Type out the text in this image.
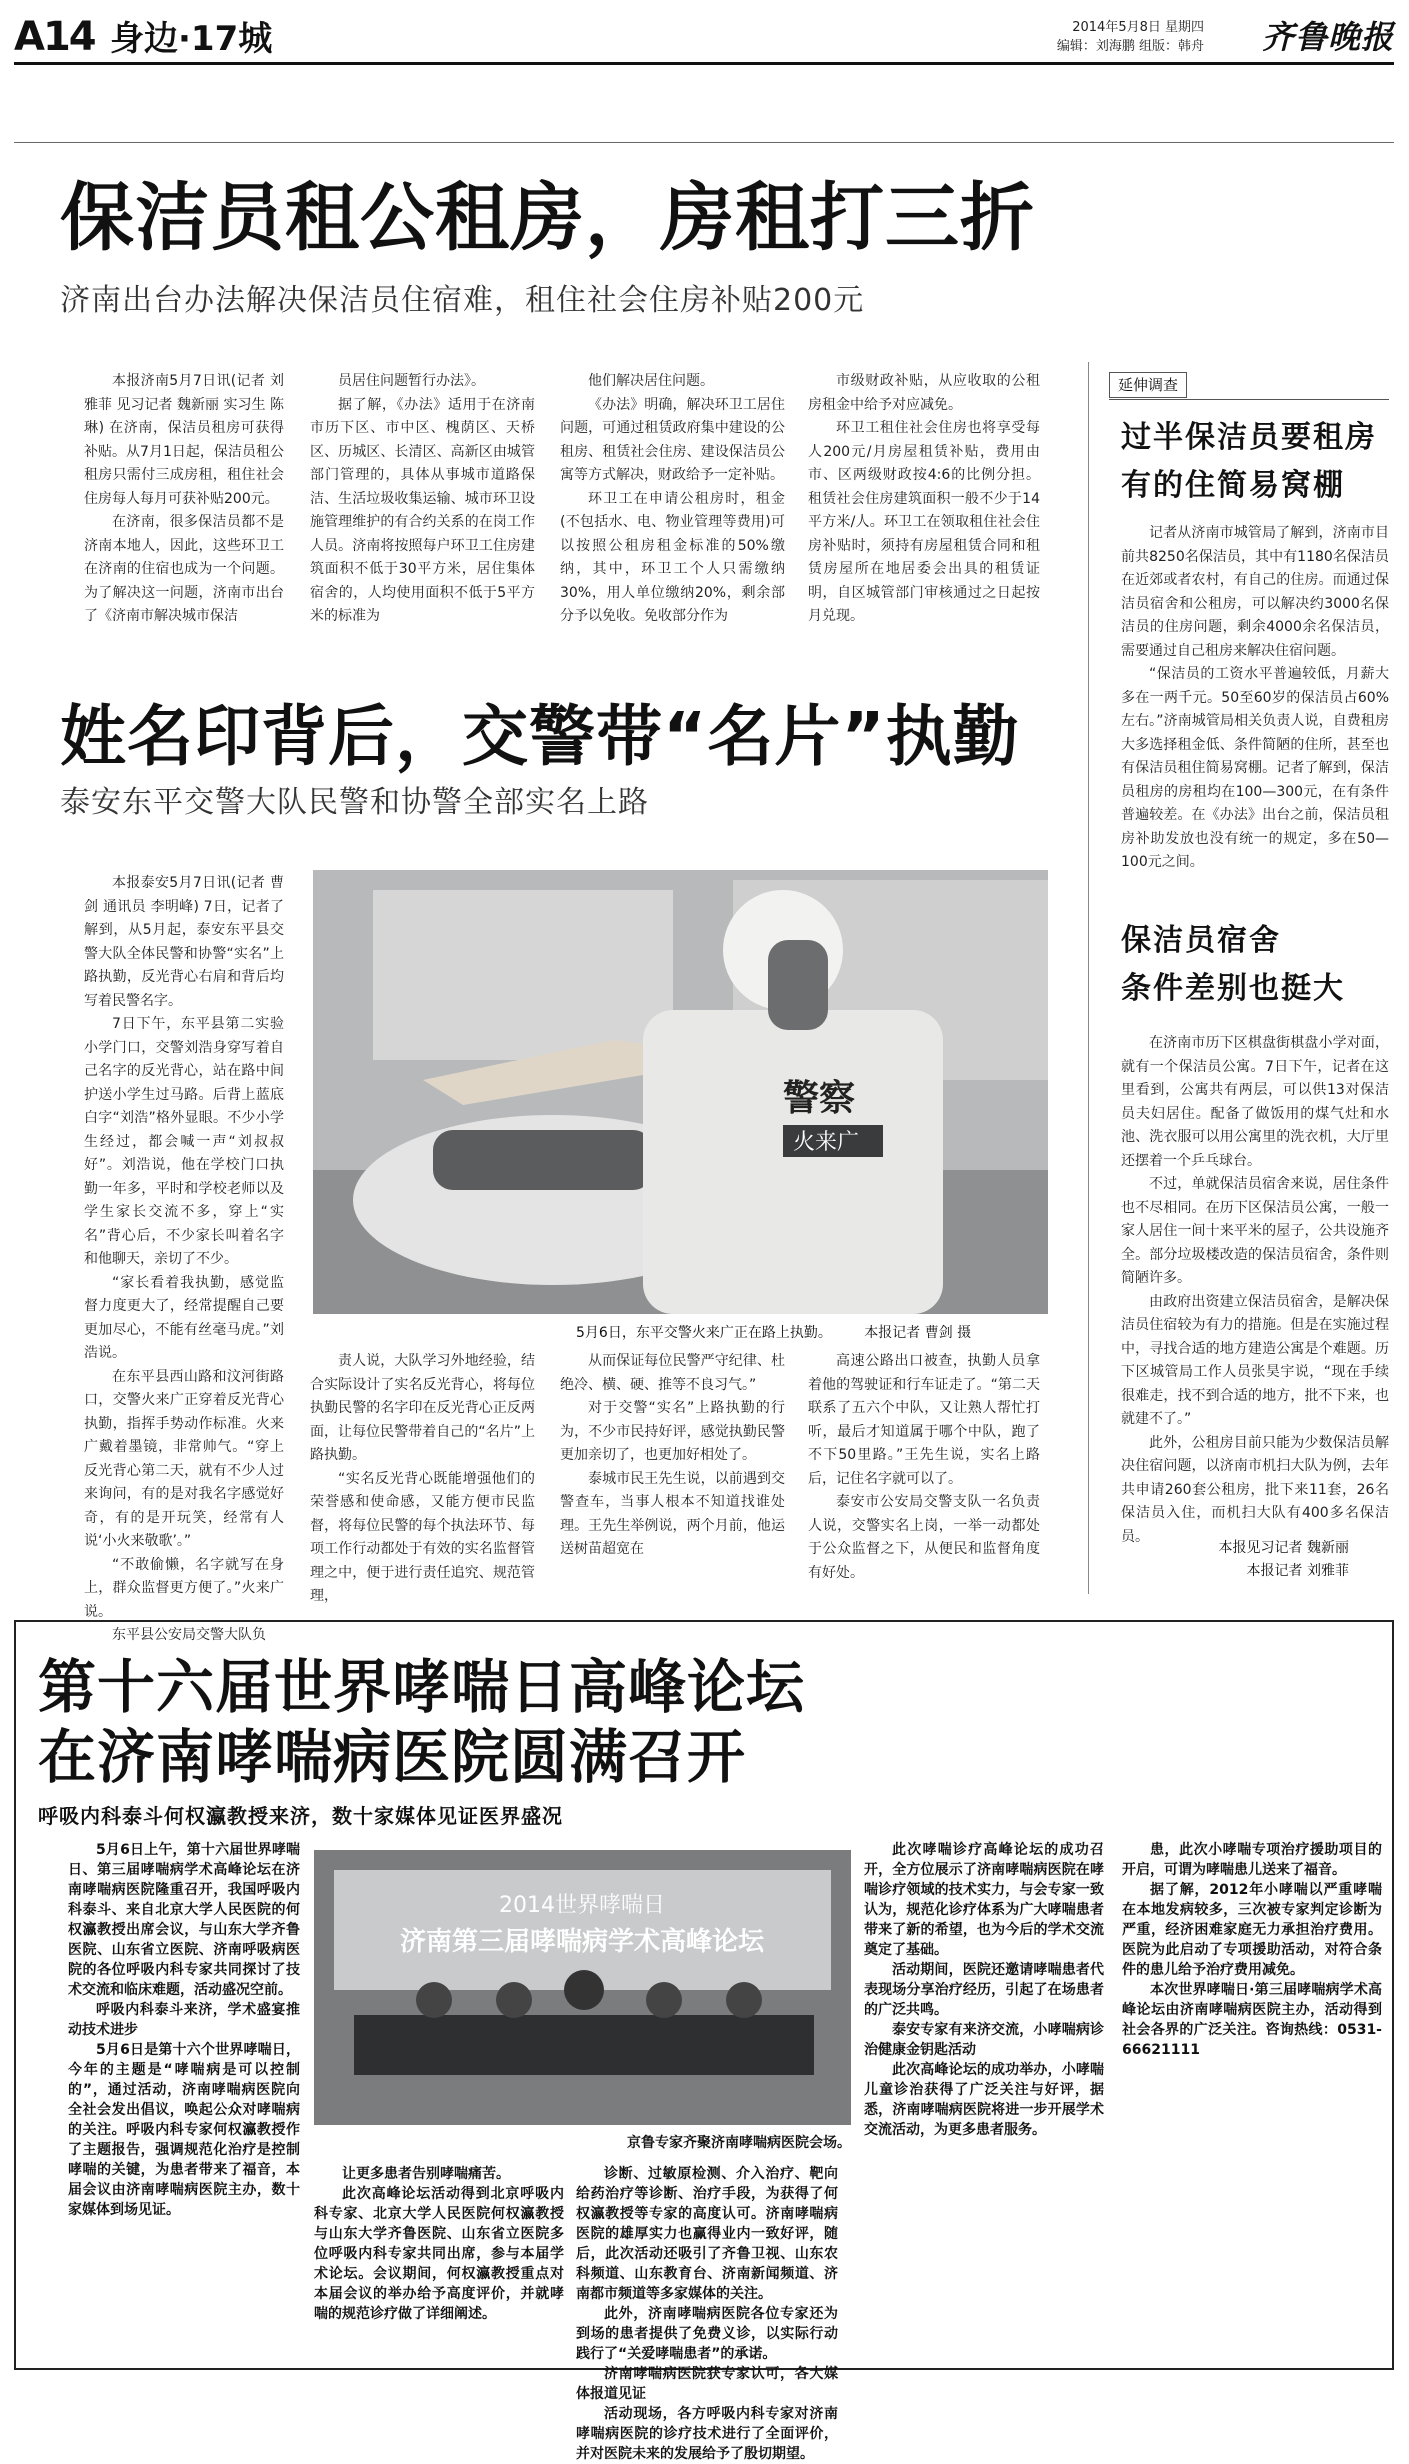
A14 身边·17城	2014年5月8日 星期四
编辑：刘海鹏 组版：韩舟 齐鲁晚报
保洁员租公租房，房租打三折
济南出台办法解决保洁员住宿难，租住社会住房补贴200元

本报济南5月7日讯(记者 刘雅菲 见习记者 魏新丽 实习生 陈琳) 在济南，保洁员租房可获得补贴。从7月1日起，保洁员租公租房只需付三成房租，租住社会住房每人每月可获补贴200元。

在济南，很多保洁员都不是济南本地人，因此，这些环卫工在济南的住宿也成为一个问题。为了解决这一问题，济南市出台了《济南市解决城市保洁

员居住问题暂行办法》。

据了解，《办法》适用于在济南市历下区、市中区、槐荫区、天桥区、历城区、长清区、高新区由城管部门管理的，具体从事城市道路保洁、生活垃圾收集运输、城市环卫设施管理维护的有合约关系的在岗工作人员。济南将按照每户环卫工住房建筑面积不低于30平方米，居住集体宿舍的，人均使用面积不低于5平方米的标准为

他们解决居住问题。

《办法》明确，解决环卫工居住问题，可通过租赁政府集中建设的公租房、租赁社会住房、建设保洁员公寓等方式解决，财政给予一定补贴。

环卫工在申请公租房时，租金(不包括水、电、物业管理等费用)可以按照公租房租金标准的50%缴纳，其中，环卫工个人只需缴纳30%，用人单位缴纳20%，剩余部分予以免收。免收部分作为

市级财政补贴，从应收取的公租房租金中给予对应减免。

环卫工租住社会住房也将享受每人200元/月房屋租赁补贴，费用由市、区两级财政按4:6的比例分担。租赁社会住房建筑面积一般不少于14平方米/人。环卫工在领取租住社会住房补贴时，须持有房屋租赁合同和租赁房屋所在地居委会出具的租赁证明，自区城管部门审核通过之日起按月兑现。

延伸调查
过半保洁员要租房
有的住简易窝棚

记者从济南市城管局了解到，济南市目前共8250名保洁员，其中有1180名保洁员在近郊或者农村，有自己的住房。而通过保洁员宿舍和公租房，可以解决约3000名保洁员的住房问题，剩余4000余名保洁员，需要通过自己租房来解决住宿问题。

“保洁员的工资水平普遍较低，月薪大多在一两千元。50至60岁的保洁员占60%左右。”济南城管局相关负责人说，自费租房大多选择租金低、条件简陋的住所，甚至也有保洁员租住简易窝棚。记者了解到，保洁员租房的房租均在100—300元，在有条件普遍较差。在《办法》出台之前，保洁员租房补助发放也没有统一的规定，多在50—100元之间。

保洁员宿舍
条件差别也挺大

在济南市历下区棋盘街棋盘小学对面，就有一个保洁员公寓。7日下午，记者在这里看到，公寓共有两层，可以供13对保洁员夫妇居住。配备了做饭用的煤气灶和水池、洗衣服可以用公寓里的洗衣机，大厅里还摆着一个乒乓球台。

不过，单就保洁员宿舍来说，居住条件也不尽相同。在历下区保洁员公寓，一般一家人居住一间十来平米的屋子，公共设施齐全。部分垃圾楼改造的保洁员宿舍，条件则简陋许多。

由政府出资建立保洁员宿舍，是解决保洁员住宿较为有力的措施。但是在实施过程中，寻找合适的地方建造公寓是个难题。历下区城管局工作人员张昊宇说，“现在手续很难走，找不到合适的地方，批不下来，也就建不了。”

此外，公租房目前只能为少数保洁员解决住宿问题，以济南市机扫大队为例，去年共申请260套公租房，批下来11套，26名保洁员入住，而机扫大队有400多名保洁员。

本报见习记者 魏新丽
本报记者 刘雅菲
姓名印背后，交警带“名片”执勤
泰安东平交警大队民警和协警全部实名上路

本报泰安5月7日讯(记者 曹剑 通讯员 李明峰) 7日，记者了解到，从5月起，泰安东平县交警大队全体民警和协警“实名”上路执勤，反光背心右肩和背后均写着民警名字。

7日下午，东平县第二实验小学门口，交警刘浩身穿写着自己名字的反光背心，站在路中间护送小学生过马路。后背上蓝底白字“刘浩”格外显眼。不少小学生经过，都会喊一声“刘叔叔好”。刘浩说，他在学校门口执勤一年多，平时和学校老师以及学生家长交流不多，穿上“实名”背心后，不少家长叫着名字和他聊天，亲切了不少。

“家长看着我执勤，感觉监督力度更大了，经常提醒自己要更加尽心，不能有丝毫马虎。”刘浩说。

在东平县西山路和汶河街路口，交警火来广正穿着反光背心执勤，指挥手势动作标准。火来广戴着墨镜，非常帅气。“穿上反光背心第二天，就有不少人过来询问，有的是对我名字感觉好奇，有的是开玩笑，经常有人说‘小火来敬歌’。”

“不敢偷懒，名字就写在身上，群众监督更方便了。”火来广说。

东平县公安局交警大队负

警察
火来广
5月6日，东平交警火来广正在路上执勤。 本报记者 曹剑 摄

责人说，大队学习外地经验，结合实际设计了实名反光背心，将每位执勤民警的名字印在反光背心正反两面，让每位民警带着自己的“名片”上路执勤。

“实名反光背心既能增强他们的荣誉感和使命感，又能方便市民监督，将每位民警的每个执法环节、每项工作行动都处于有效的实名监督管理之中，便于进行责任追究、规范管理，

从而保证每位民警严守纪律、杜绝冷、横、硬、推等不良习气。”

对于交警“实名”上路执勤的行为，不少市民持好评，感觉执勤民警更加亲切了，也更加好相处了。

泰城市民王先生说，以前遇到交警查车，当事人根本不知道找谁处理。王先生举例说，两个月前，他运送树苗超宽在

高速公路出口被查，执勤人员拿着他的驾驶证和行车证走了。“第二天联系了五六个中队，又让熟人帮忙打听，最后才知道属于哪个中队，跑了不下50里路。”王先生说，实名上路后，记住名字就可以了。

泰安市公安局交警支队一名负责人说，交警实名上岗，一举一动都处于公众监督之下，从便民和监督角度有好处。

第十六届世界哮喘日高峰论坛
在济南哮喘病医院圆满召开
呼吸内科泰斗何权瀛教授来济，数十家媒体见证医界盛况

5月6日上午，第十六届世界哮喘日、第三届哮喘病学术高峰论坛在济南哮喘病医院隆重召开，我国呼吸内科泰斗、来自北京大学人民医院的何权瀛教授出席会议，与山东大学齐鲁医院、山东省立医院、济南呼吸病医院的各位呼吸内科专家共同探讨了技术交流和临床难题，活动盛况空前。

呼吸内科泰斗来济，学术盛宴推动技术进步

5月6日是第十六个世界哮喘日，今年的主题是“哮喘病是可以控制的”，通过活动，济南哮喘病医院向全社会发出倡议，唤起公众对哮喘病的关注。呼吸内科专家何权瀛教授作了主题报告，强调规范化治疗是控制哮喘的关键，为患者带来了福音，本届会议由济南哮喘病医院主办，数十家媒体到场见证。

2014世界哮喘日
济南第三届哮喘病学术高峰论坛
京鲁专家齐聚济南哮喘病医院会场。

让更多患者告别哮喘痛苦。

此次高峰论坛活动得到北京呼吸内科专家、北京大学人民医院何权瀛教授与山东大学齐鲁医院、山东省立医院多位呼吸内科专家共同出席，参与本届学术论坛。会议期间，何权瀛教授重点对本届会议的举办给予高度评价，并就哮喘的规范诊疗做了详细阐述。

诊断、过敏原检测、介入治疗、靶向给药治疗等诊断、治疗手段，为获得了何权瀛教授等专家的高度认可。济南哮喘病医院的雄厚实力也赢得业内一致好评，随后，此次活动还吸引了齐鲁卫视、山东农科频道、山东教育台、济南新闻频道、济南都市频道等多家媒体的关注。

此外，济南哮喘病医院各位专家还为到场的患者提供了免费义诊，以实际行动践行了“关爱哮喘患者”的承诺。

济南哮喘病医院获专家认可，各大媒体报道见证

活动现场，各方呼吸内科专家对济南哮喘病医院的诊疗技术进行了全面评价，并对医院未来的发展给予了殷切期望。

此次哮喘诊疗高峰论坛的成功召开，全方位展示了济南哮喘病医院在哮喘诊疗领域的技术实力，与会专家一致认为，规范化诊疗体系为广大哮喘患者带来了新的希望，也为今后的学术交流奠定了基础。

活动期间，医院还邀请哮喘患者代表现场分享治疗经历，引起了在场患者的广泛共鸣。

泰安专家有来济交流，小哮喘病诊治健康金钥匙活动

此次高峰论坛的成功举办，小哮喘儿童诊治获得了广泛关注与好评，据悉，济南哮喘病医院将进一步开展学术交流活动，为更多患者服务。

患，此次小哮喘专项治疗援助项目的开启，可谓为哮喘患儿送来了福音。

据了解，2012年小哮喘以严重哮喘在本地发病较多，三次被专家判定诊断为严重，经济困难家庭无力承担治疗费用。医院为此启动了专项援助活动，对符合条件的患儿给予治疗费用减免。

本次世界哮喘日·第三届哮喘病学术高峰论坛由济南哮喘病医院主办，活动得到社会各界的广泛关注。咨询热线：0531-66621111
